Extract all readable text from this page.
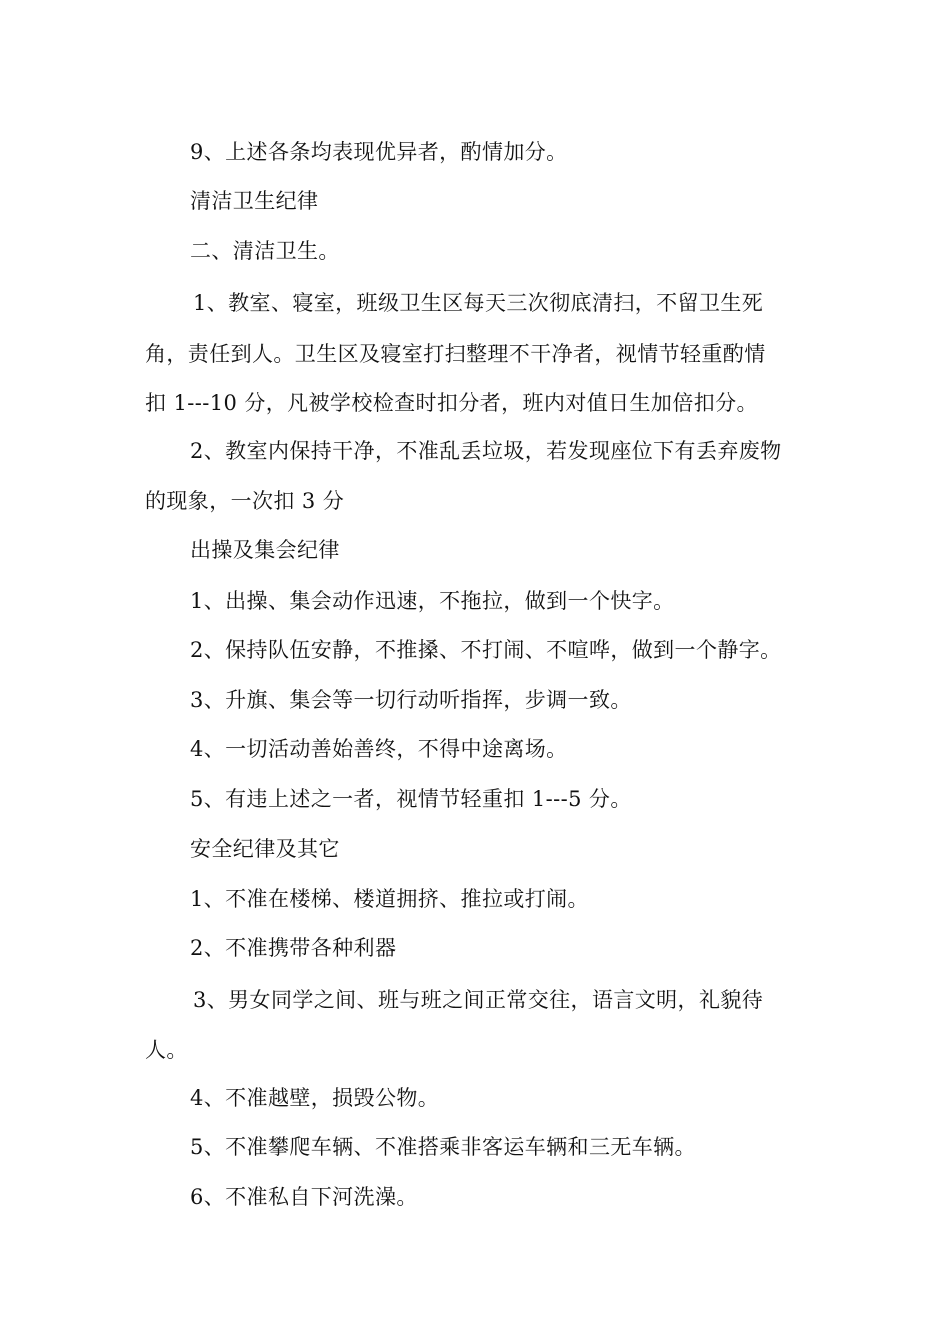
9、上述各条均表现优异者，酌情加分。
清洁卫生纪律
二、清洁卫生。
1、教室、寝室，班级卫生区每天三次彻底清扫，不留卫生死
角，责任到人。卫生区及寝室打扫整理不干净者，视情节轻重酌情
扣 1---10 分，凡被学校检查时扣分者，班内对值日生加倍扣分。
2、教室内保持干净，不准乱丢垃圾，若发现座位下有丢弃废物
的现象，一次扣 3 分
出操及集会纪律
1、出操、集会动作迅速，不拖拉，做到一个快字。
2、保持队伍安静，不推搡、不打闹、不喧哗，做到一个静字。
3、升旗、集会等一切行动听指挥，步调一致。
4、一切活动善始善终，不得中途离场。
5、有违上述之一者，视情节轻重扣 1---5 分。
安全纪律及其它
1、不准在楼梯、楼道拥挤、推拉或打闹。
2、不准携带各种利器
3、男女同学之间、班与班之间正常交往，语言文明，礼貌待
人。
4、不准越壁，损毁公物。
5、不准攀爬车辆、不准搭乘非客运车辆和三无车辆。
6、不准私自下河洗澡。
